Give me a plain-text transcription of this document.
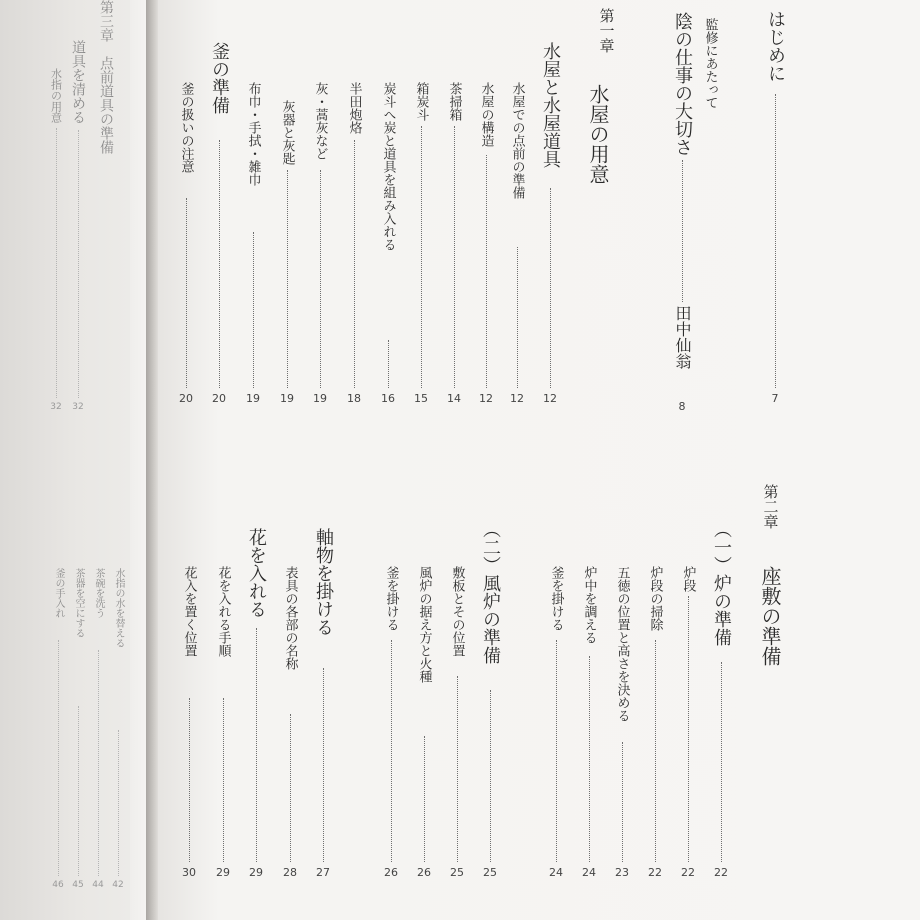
第三章　点前道具の準備
道具を清める
32
水指の用意
32
水指の水を替える
42
茶碗を洗う
44
茶器を空にする
45
釜の手入れ
46
はじめに
7
監修にあたって
陰の仕事の大切さ
田中仙翁
8
第一章
水屋の用意
水屋と水屋道具
12
水屋での点前の準備
12
水屋の構造
12
茶掃箱
14
箱炭斗
15
炭斗へ炭と道具を組み入れる
16
半田炮烙
18
灰・蒿灰など
19
灰器と灰匙
19
布巾・手拭・雑巾
19
釜の準備
20
釜の扱いの注意
20
第二章
座敷の準備
（一）炉の準備
22
炉段
22
炉段の掃除
22
五徳の位置と高さを決める
23
炉中を調える
24
釜を掛ける
24
（二）風炉の準備
25
敷板とその位置
25
風炉の据え方と火種
26
釜を掛ける
26
軸物を掛ける
27
表具の各部の名称
28
花を入れる
29
花を入れる手順
29
花入を置く位置
30
